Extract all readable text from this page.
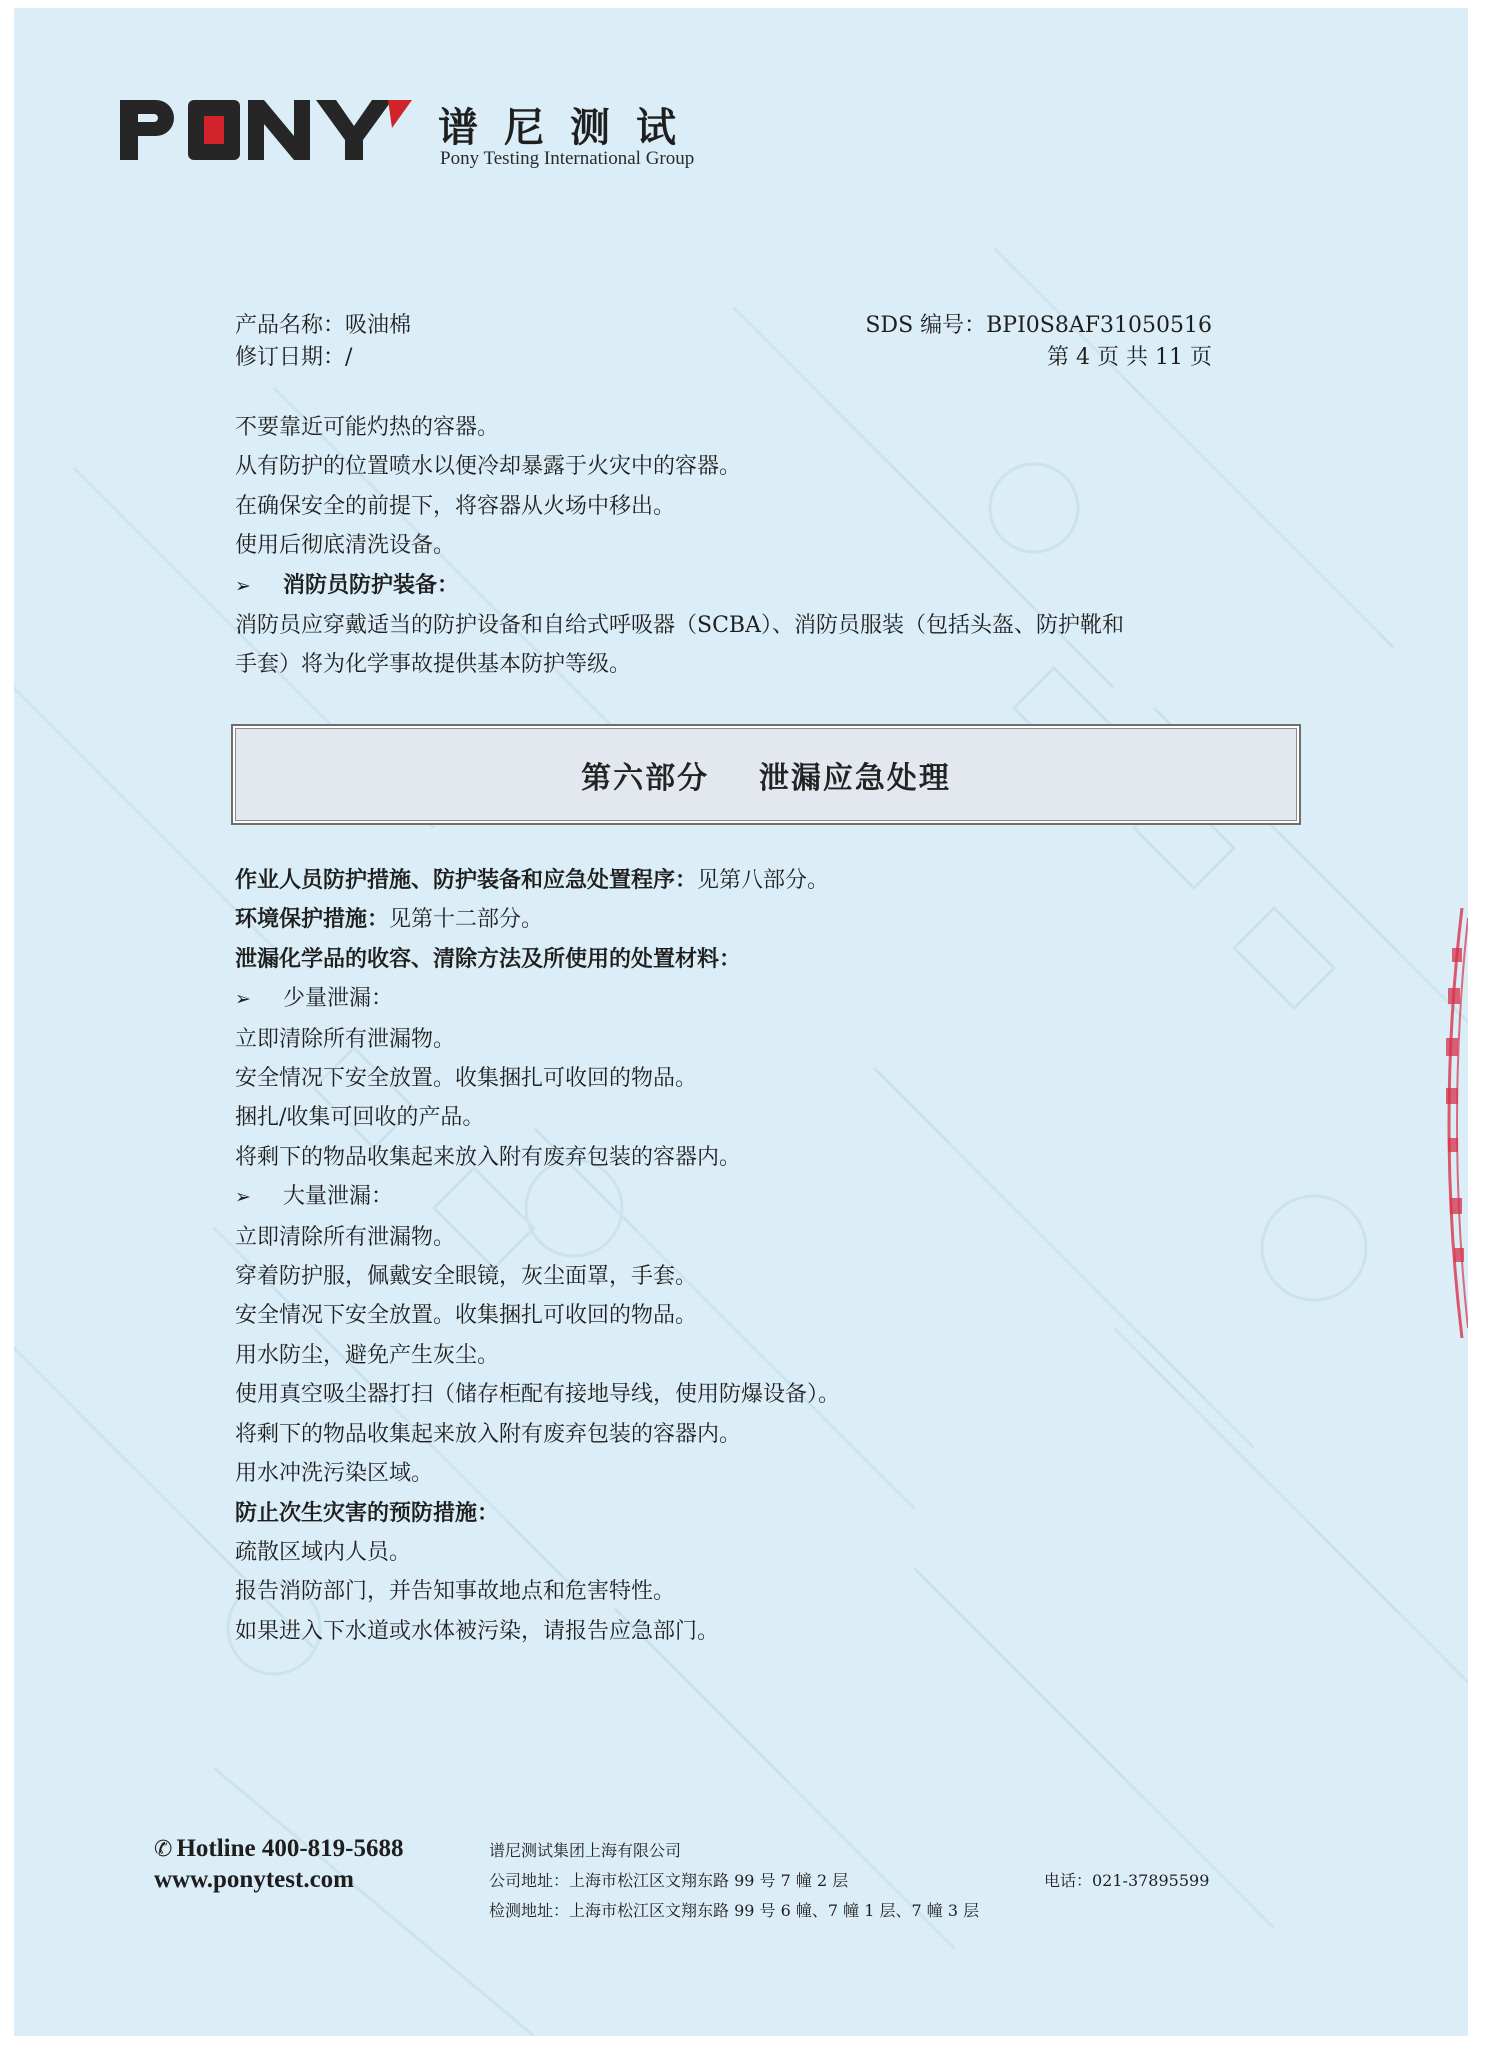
谱尼测试
Pony Testing International Group
产品名称：吸油棉
修订日期：/
SDS 编号：BPI0S8AF31050516
第 4 页 共 11 页
不要靠近可能灼热的容器。
从有防护的位置喷水以便冷却暴露于火灾中的容器。
在确保安全的前提下，将容器从火场中移出。
使用后彻底清洗设备。
➢ 消防员防护装备：
消防员应穿戴适当的防护设备和自给式呼吸器（SCBA）、消防员服装（包括头盔、防护靴和
手套）将为化学事故提供基本防护等级。
第六部分    泄漏应急处理
作业人员防护措施、防护装备和应急处置程序：见第八部分。
环境保护措施：见第十二部分。
泄漏化学品的收容、清除方法及所使用的处置材料：
➢ 少量泄漏：
立即清除所有泄漏物。
安全情况下安全放置。收集捆扎可收回的物品。
捆扎/收集可回收的产品。
将剩下的物品收集起来放入附有废弃包装的容器内。
➢ 大量泄漏：
立即清除所有泄漏物。
穿着防护服，佩戴安全眼镜，灰尘面罩，手套。
安全情况下安全放置。收集捆扎可收回的物品。
用水防尘，避免产生灰尘。
使用真空吸尘器打扫（储存柜配有接地导线，使用防爆设备）。
将剩下的物品收集起来放入附有废弃包装的容器内。
用水冲洗污染区域。
防止次生灾害的预防措施：
疏散区域内人员。
报告消防部门，并告知事故地点和危害特性。
如果进入下水道或水体被污染，请报告应急部门。
✆ Hotline 400-819-5688
www.ponytest.com
谱尼测试集团上海有限公司
公司地址：上海市松江区文翔东路 99 号 7 幢 2 层
检测地址：上海市松江区文翔东路 99 号 6 幢、7 幢 1 层、7 幢 3 层
电话：021-37895599
